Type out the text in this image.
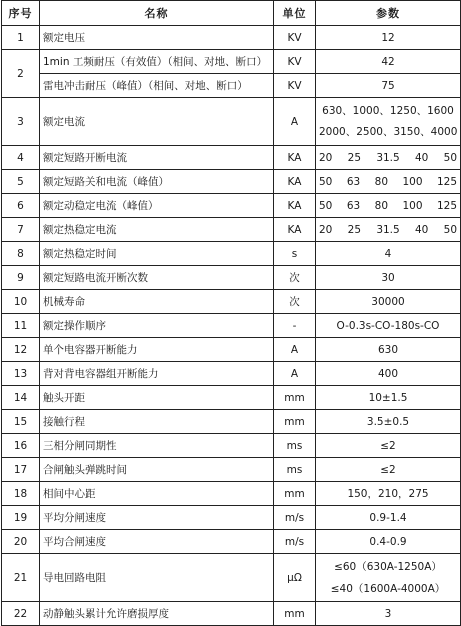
序号	名称	单位	参数
1	额定电压	KV	12
2	1min 工频耐压（有效值）（相间、对地、断口）	KV	42
	雷电冲击耐压（峰值）（相间、对地、断口）	KV	75
3	额定电流	A	630、1000、1250、1600
2000、2500、3150、4000

4	额定短路开断电流	KA	20 25 31.5 40 50
5	额定短路关和电流（峰值）	KA	50 63 80 100 125
6	额定动稳定电流（峰值）	KA	50 63 80 100 125
7	额定热稳定电流	KA	20 25 31.5 40 50
8	额定热稳定时间	s	4
9	额定短路电流开断次数	次	30
10	机械寿命	次	30000
11	额定操作顺序	-	O-0.3s-CO-180s-CO
12	单个电容器开断能力	A	630
13	背对背电容器组开断能力	A	400
14	触头开距	mm	10±1.5
15	接触行程	mm	3.5±0.5
16	三相分闸同期性	ms	≤2
17	合闸触头弹跳时间	ms	≤2
18	相间中心距	mm	150，210，275
19	平均分闸速度	m/s	0.9-1.4
20	平均合闸速度	m/s	0.4-0.9
21	导电回路电阻	μΩ	≤60（630A-1250A）
≤40（1600A-4000A）

22	动静触头累计允许磨损厚度	mm	3
